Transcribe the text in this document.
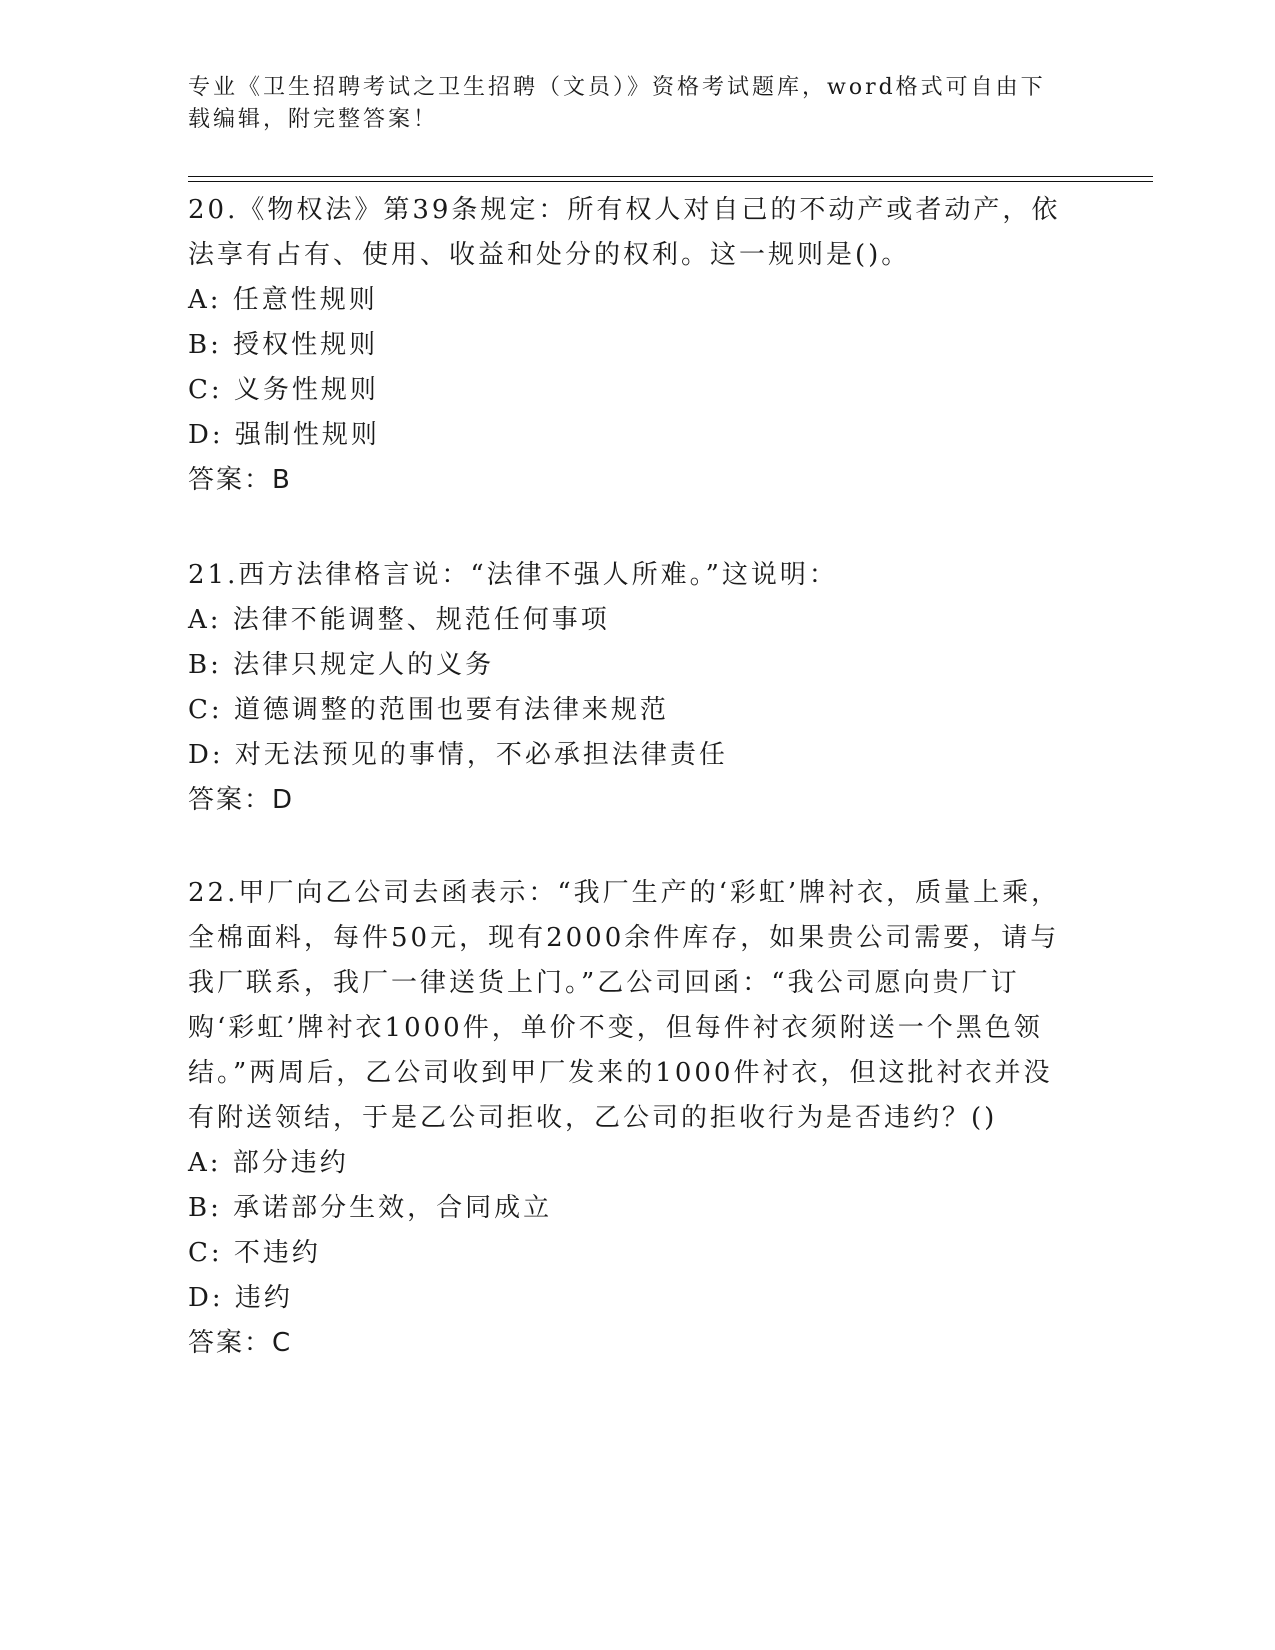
专业《卫生招聘考试之卫生招聘（文员）》资格考试题库，word格式可自由下载编辑，附完整答案！

20.《物权法》第39条规定：所有权人对自己的不动产或者动产，依法享有占有、使用、收益和处分的权利。这一规则是()。

A: 任意性规则

B: 授权性规则

C: 义务性规则

D: 强制性规则

答案：B

21.西方法律格言说：“法律不强人所难。”这说明：

A: 法律不能调整、规范任何事项

B: 法律只规定人的义务

C: 道德调整的范围也要有法律来规范

D: 对无法预见的事情，不必承担法律责任

答案：D

22.甲厂向乙公司去函表示：“我厂生产的‘彩虹’牌衬衣，质量上乘，全棉面料，每件50元，现有2000余件库存，如果贵公司需要，请与我厂联系，我厂一律送货上门。”乙公司回函：“我公司愿向贵厂订购‘彩虹’牌衬衣1000件，单价不变，但每件衬衣须附送一个黑色领结。”两周后，乙公司收到甲厂发来的1000件衬衣，但这批衬衣并没有附送领结，于是乙公司拒收，乙公司的拒收行为是否违约？()

A: 部分违约

B: 承诺部分生效，合同成立

C: 不违约

D: 违约

答案：C
